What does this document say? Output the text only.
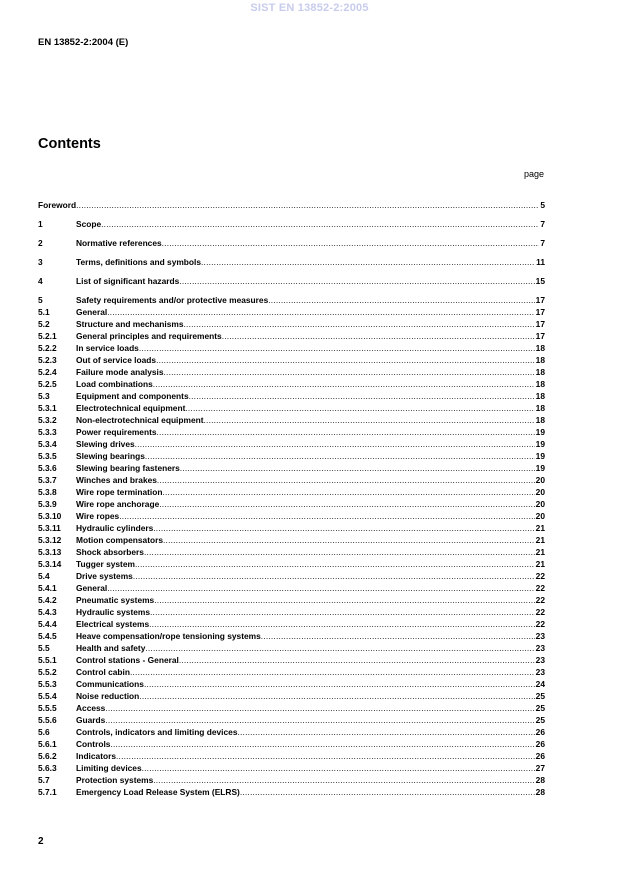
SIST EN 13852-2:2005
EN 13852-2:2004 (E)
Contents
page
Foreword .....	5
1	Scope .....	7
2	Normative references .....	7
3	Terms, definitions and symbols .....	11
4	List of significant hazards .....	15
5	Safety requirements and/or protective measures .....	17
5.1	General .....	17
5.2	Structure and mechanisms .....	17
5.2.1	General principles and requirements .....	17
5.2.2	In service loads .....	18
5.2.3	Out of service loads .....	18
5.2.4	Failure mode analysis .....	18
5.2.5	Load combinations .....	18
5.3	Equipment and components .....	18
5.3.1	Electrotechnical equipment .....	18
5.3.2	Non-electrotechnical equipment .....	18
5.3.3	Power requirements .....	19
5.3.4	Slewing drives .....	19
5.3.5	Slewing bearings .....	19
5.3.6	Slewing bearing fasteners .....	19
5.3.7	Winches and brakes .....	20
5.3.8	Wire rope termination .....	20
5.3.9	Wire rope anchorage .....	20
5.3.10	Wire ropes .....	20
5.3.11	Hydraulic cylinders .....	21
5.3.12	Motion compensators .....	21
5.3.13	Shock absorbers .....	21
5.3.14	Tugger system .....	21
5.4	Drive systems .....	22
5.4.1	General .....	22
5.4.2	Pneumatic systems .....	22
5.4.3	Hydraulic systems .....	22
5.4.4	Electrical systems .....	22
5.4.5	Heave compensation/rope tensioning systems .....	23
5.5	Health and safety .....	23
5.5.1	Control stations - General .....	23
5.5.2	Control cabin .....	23
5.5.3	Communications .....	24
5.5.4	Noise reduction .....	25
5.5.5	Access .....	25
5.5.6	Guards .....	25
5.6	Controls, indicators and limiting devices .....	26
5.6.1	Controls .....	26
5.6.2	Indicators .....	26
5.6.3	Limiting devices .....	27
5.7	Protection systems .....	28
5.7.1	Emergency Load Release System (ELRS) .....	28
2
